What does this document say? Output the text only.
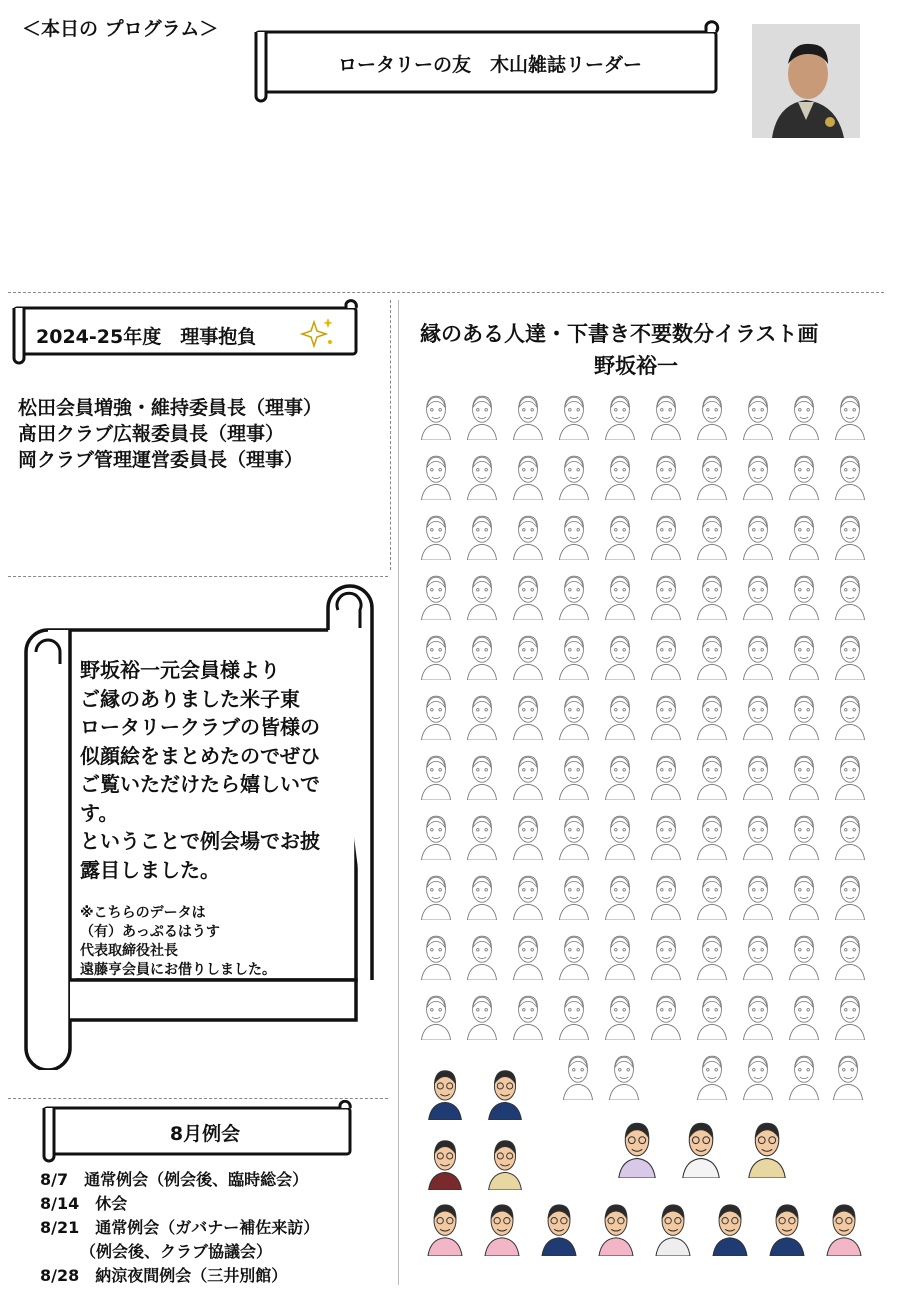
＜本日の プログラム＞
ロータリーの友　木山雑誌リーダー
2024-25年度　理事抱負
松田会員増強・維持委員長（理事）
髙田クラブ広報委員長（理事）
岡クラブ管理運営委員長（理事）
野坂裕一元会員様より
ご縁のありました米子東
ロータリークラブの皆様の
似顔絵をまとめたのでぜひ
ご覧いただけたら嬉しいで
す。
ということで例会場でお披
露目しました。
※こちらのデータは
（有）あっぷるはうす
代表取締役社長
遠藤亨会員にお借りしました。
8月例会
8/7　通常例会（例会後、臨時総会）
8/14　休会
8/21　通常例会（ガバナー補佐来訪）
　　　（例会後、クラブ協議会）
8/28　納涼夜間例会（三井別館）
縁のある人達・下書き不要数分イラスト画
野坂裕一
